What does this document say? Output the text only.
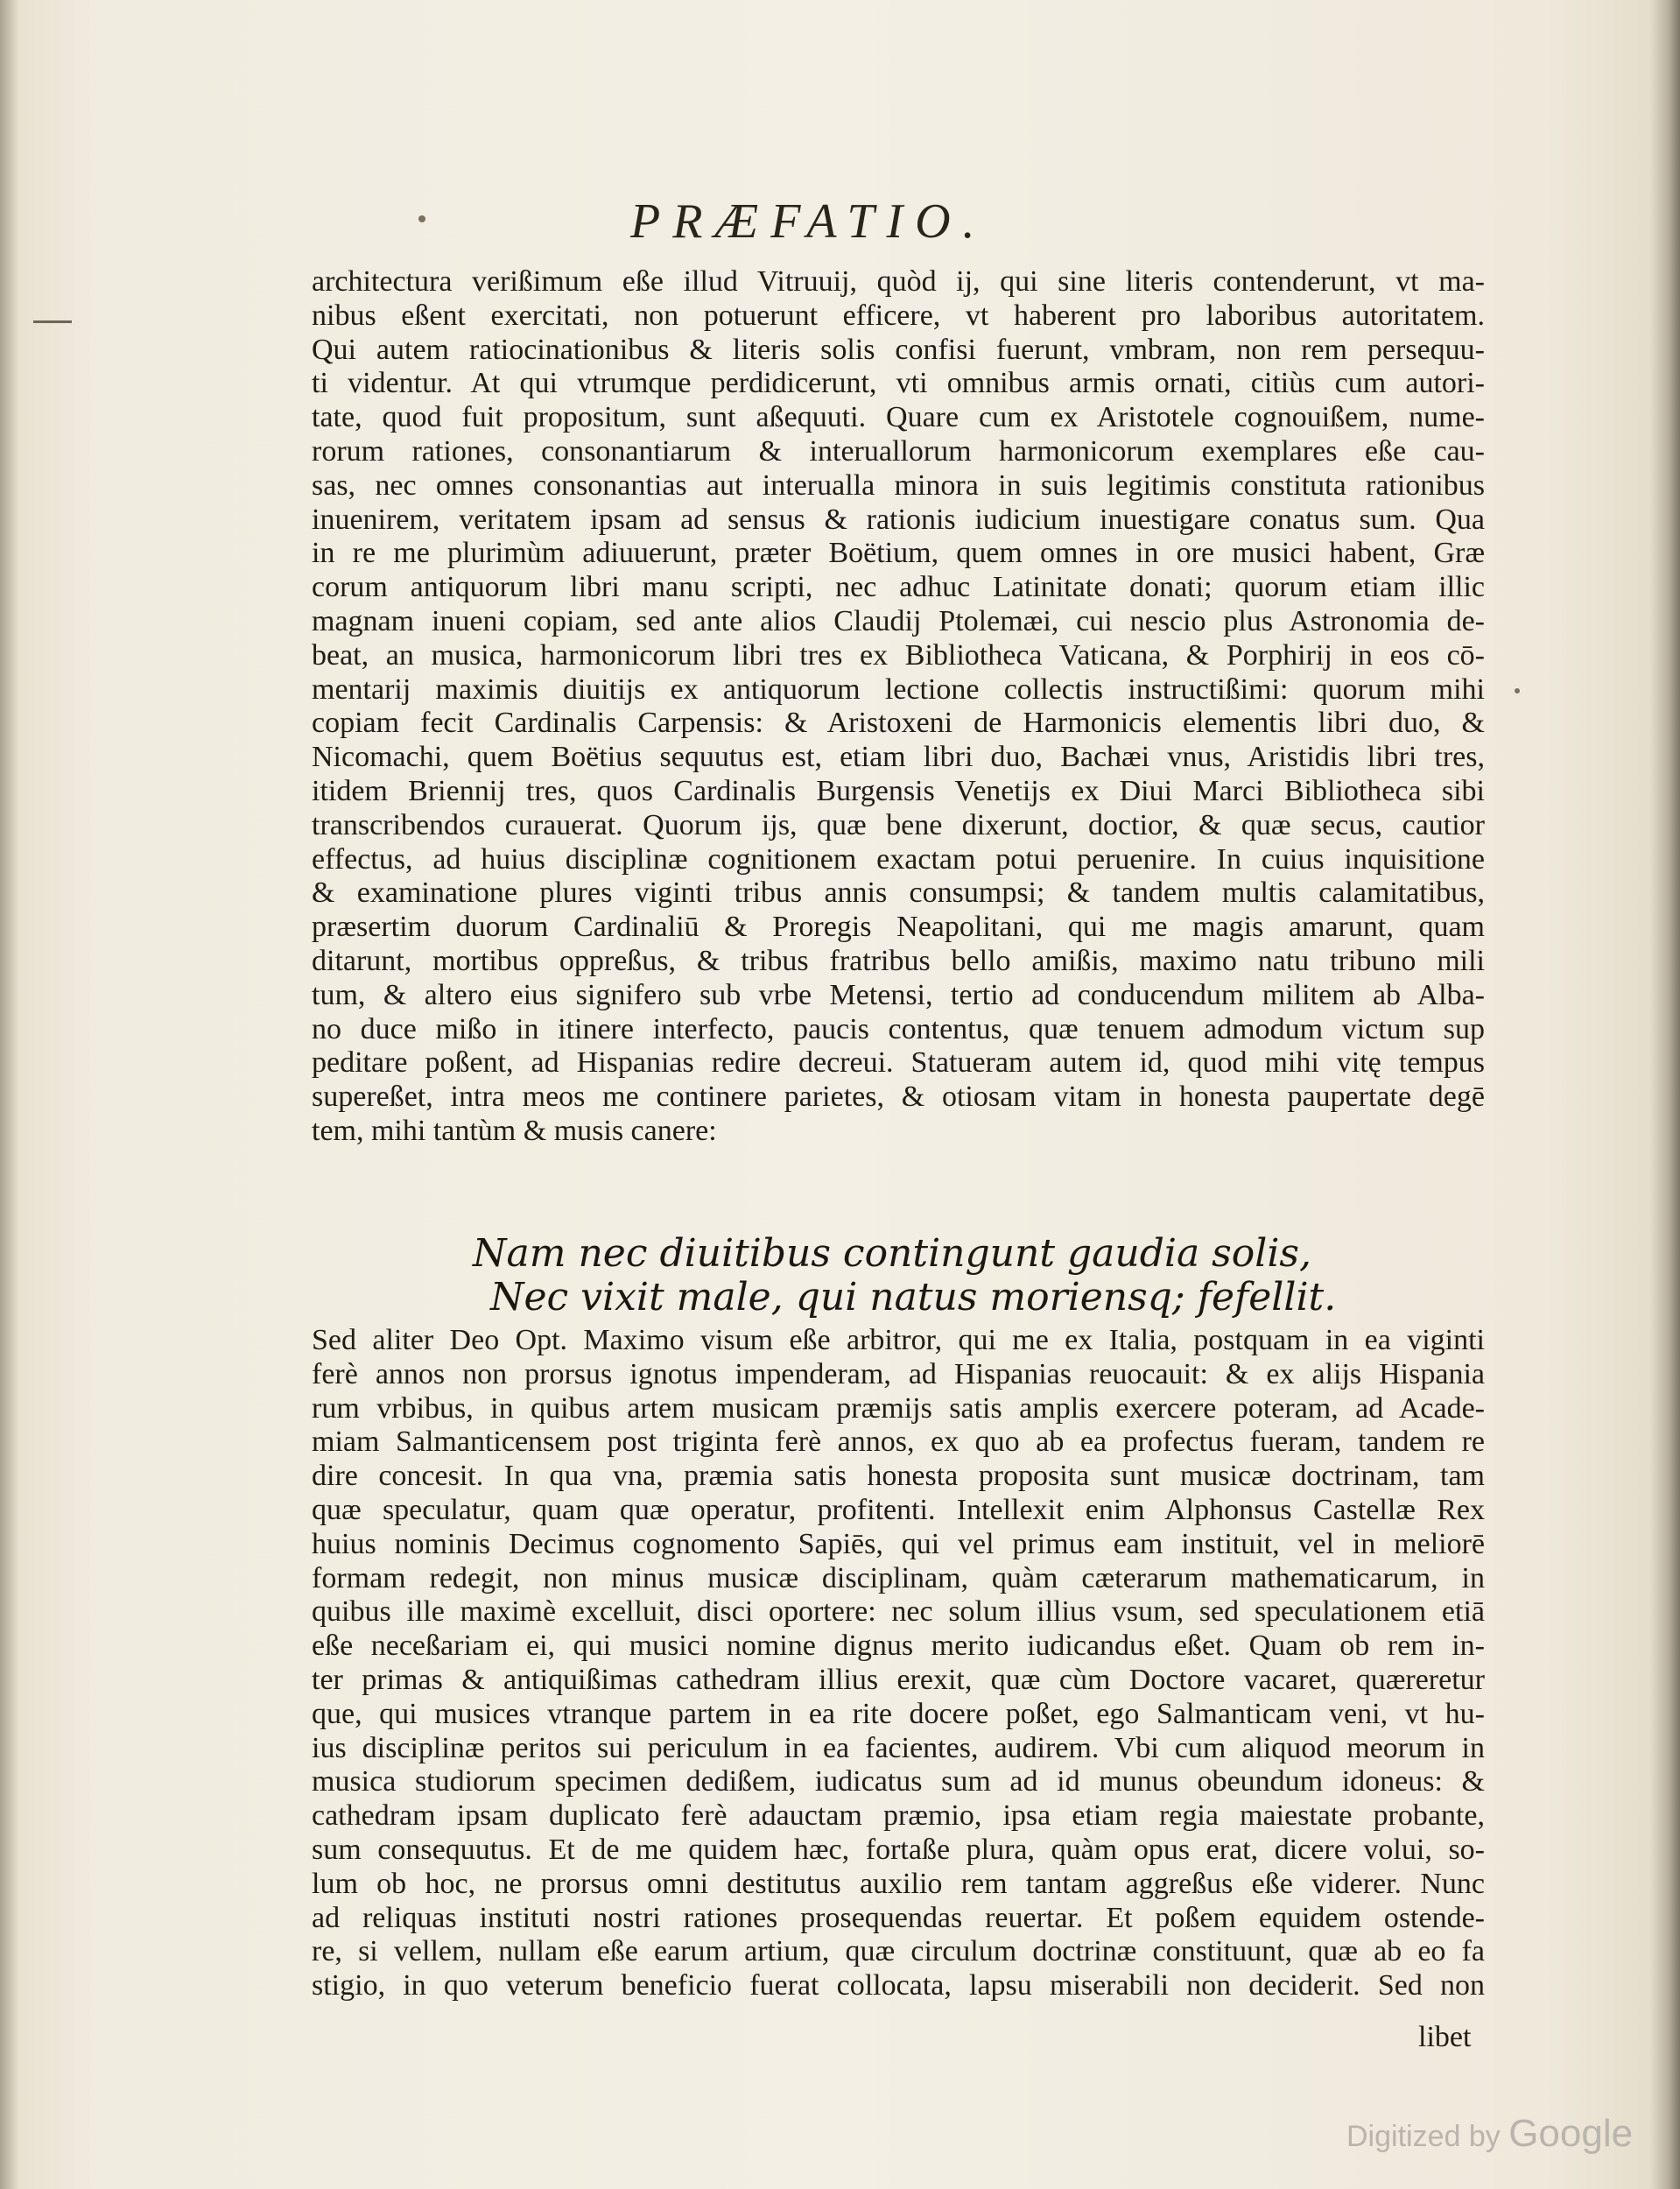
PRÆFATIO.
architectura verißimum eße illud Vitruuij, quòd ij, qui sine literis contenderunt, vt ma-
nibus eßent exercitati, non potuerunt efficere, vt haberent pro laboribus autoritatem.
Qui autem ratiocinationibus & literis solis confisi fuerunt, vmbram, non rem persequu-
ti videntur. At qui vtrumque perdidicerunt, vti omnibus armis ornati, citiùs cum autori-
tate, quod fuit propositum, sunt aßequuti. Quare cum ex Aristotele cognouißem, nume-
rorum rationes, consonantiarum & interuallorum harmonicorum exemplares eße cau-
sas, nec omnes consonantias aut interualla minora in suis legitimis constituta rationibus
inuenirem, veritatem ipsam ad sensus & rationis iudicium inuestigare conatus sum. Qua
in re me plurimùm adiuuerunt, præter Boëtium, quem omnes in ore musici habent, Græ
corum antiquorum libri manu scripti, nec adhuc Latinitate donati; quorum etiam illic
magnam inueni copiam, sed ante alios Claudij Ptolemæi, cui nescio plus Astronomia de-
beat, an musica, harmonicorum libri tres ex Bibliotheca Vaticana, & Porphirij in eos cō-
mentarij maximis diuitijs ex antiquorum lectione collectis instructißimi: quorum mihi
copiam fecit Cardinalis Carpensis: & Aristoxeni de Harmonicis elementis libri duo, &
Nicomachi, quem Boëtius sequutus est, etiam libri duo, Bachæi vnus, Aristidis libri tres,
itidem Briennij tres, quos Cardinalis Burgensis Venetijs ex Diui Marci Bibliotheca sibi
transcribendos curauerat. Quorum ijs, quæ bene dixerunt, doctior, & quæ secus, cautior
effectus, ad huius disciplinæ cognitionem exactam potui peruenire. In cuius inquisitione
& examinatione plures viginti tribus annis consumpsi; & tandem multis calamitatibus,
præsertim duorum Cardinaliū & Proregis Neapolitani, qui me magis amarunt, quam
ditarunt, mortibus oppreßus, & tribus fratribus bello amißis, maximo natu tribuno mili
tum, & altero eius signifero sub vrbe Metensi, tertio ad conducendum militem ab Alba-
no duce mißo in itinere interfecto, paucis contentus, quæ tenuem admodum victum sup
peditare poßent, ad Hispanias redire decreui. Statueram autem id, quod mihi vitę tempus
supereßet, intra meos me continere parietes, & otiosam vitam in honesta paupertate degē
tem, mihi tantùm & musis canere:
Nam nec diuitibus contingunt gaudia solis,
Nec vixit male, qui natus moriensq; fefellit.
Sed aliter Deo Opt. Maximo visum eße arbitror, qui me ex Italia, postquam in ea viginti
ferè annos non prorsus ignotus impenderam, ad Hispanias reuocauit: & ex alijs Hispania
rum vrbibus, in quibus artem musicam præmijs satis amplis exercere poteram, ad Acade-
miam Salmanticensem post triginta ferè annos, ex quo ab ea profectus fueram, tandem re
dire concesit. In qua vna, præmia satis honesta proposita sunt musicæ doctrinam, tam
quæ speculatur, quam quæ operatur, profitenti. Intellexit enim Alphonsus Castellæ Rex
huius nominis Decimus cognomento Sapiēs, qui vel primus eam instituit, vel in meliorē
formam redegit, non minus musicæ disciplinam, quàm cæterarum mathematicarum, in
quibus ille maximè excelluit, disci oportere: nec solum illius vsum, sed speculationem etiā
eße neceßariam ei, qui musici nomine dignus merito iudicandus eßet. Quam ob rem in-
ter primas & antiquißimas cathedram illius erexit, quæ cùm Doctore vacaret, quæreretur
que, qui musices vtranque partem in ea rite docere poßet, ego Salmanticam veni, vt hu-
ius disciplinæ peritos sui periculum in ea facientes, audirem. Vbi cum aliquod meorum in
musica studiorum specimen dedißem, iudicatus sum ad id munus obeundum idoneus: &
cathedram ipsam duplicato ferè adauctam præmio, ipsa etiam regia maiestate probante,
sum consequutus. Et de me quidem hæc, fortaße plura, quàm opus erat, dicere volui, so-
lum ob hoc, ne prorsus omni destitutus auxilio rem tantam aggreßus eße viderer. Nunc
ad reliquas instituti nostri rationes prosequendas reuertar. Et poßem equidem ostende-
re, si vellem, nullam eße earum artium, quæ circulum doctrinæ constituunt, quæ ab eo fa
stigio, in quo veterum beneficio fuerat collocata, lapsu miserabili non deciderit. Sed non
libet
Digitized by Google
